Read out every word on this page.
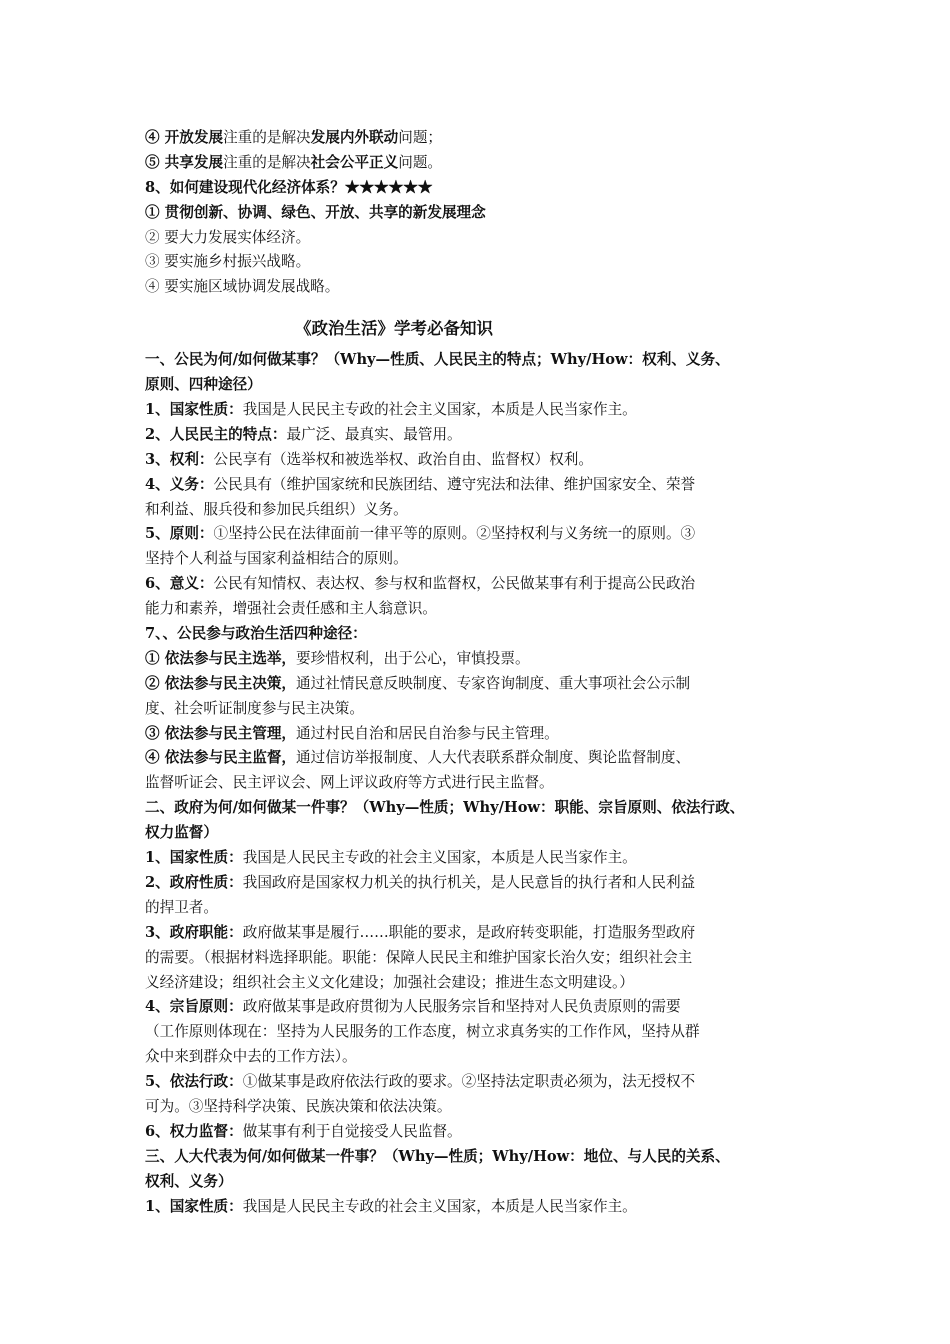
④ 开放发展注重的是解决发展内外联动问题；
⑤ 共享发展注重的是解决社会公平正义问题。
8、如何建设现代化经济体系？★★★★★★
① 贯彻创新、协调、绿色、开放、共享的新发展理念
② 要大力发展实体经济。
③ 要实施乡村振兴战略。
④ 要实施区域协调发展战略。
《政治生活》学考必备知识
一、公民为何/如何做某事？（Why—性质、人民民主的特点；Why/How：权利、义务、
原则、四种途径）
1、国家性质：我国是人民民主专政的社会主义国家，本质是人民当家作主。
2、人民民主的特点：最广泛、最真实、最管用。
3、权利：公民享有（选举权和被选举权、政治自由、监督权）权利。
4、义务：公民具有（维护国家统和民族团结、遵守宪法和法律、维护国家安全、荣誉
和利益、服兵役和参加民兵组织）义务。
5、原则：①坚持公民在法律面前一律平等的原则。②坚持权利与义务统一的原则。③
坚持个人利益与国家利益相结合的原则。
6、意义：公民有知情权、表达权、参与权和监督权，公民做某事有利于提高公民政治
能力和素养，增强社会责任感和主人翁意识。
7、、公民参与政治生活四种途径：
① 依法参与民主选举，要珍惜权利，出于公心，审慎投票。
② 依法参与民主决策，通过社情民意反映制度、专家咨询制度、重大事项社会公示制
度、社会听证制度参与民主决策。
③ 依法参与民主管理，通过村民自治和居民自治参与民主管理。
④ 依法参与民主监督，通过信访举报制度、人大代表联系群众制度、舆论监督制度、
监督听证会、民主评议会、网上评议政府等方式进行民主监督。
二、政府为何/如何做某一件事？（Why—性质；Why/How：职能、宗旨原则、依法行政、
权力监督）
1、国家性质：我国是人民民主专政的社会主义国家，本质是人民当家作主。
2、政府性质：我国政府是国家权力机关的执行机关，是人民意旨的执行者和人民利益
的捍卫者。
3、政府职能：政府做某事是履行……职能的要求，是政府转变职能，打造服务型政府
的需要。（根据材料选择职能。职能：保障人民民主和维护国家长治久安；组织社会主
义经济建设；组织社会主义文化建设；加强社会建设；推进生态文明建设。）
4、宗旨原则：政府做某事是政府贯彻为人民服务宗旨和坚持对人民负责原则的需要
（工作原则体现在：坚持为人民服务的工作态度，树立求真务实的工作作风，坚持从群
众中来到群众中去的工作方法）。
5、依法行政：①做某事是政府依法行政的要求。②坚持法定职责必须为，法无授权不
可为。③坚持科学决策、民族决策和依法决策。
6、权力监督：做某事有利于自觉接受人民监督。
三、人大代表为何/如何做某一件事？（Why—性质；Why/How：地位、与人民的关系、
权利、义务）
1、国家性质：我国是人民民主专政的社会主义国家，本质是人民当家作主。
